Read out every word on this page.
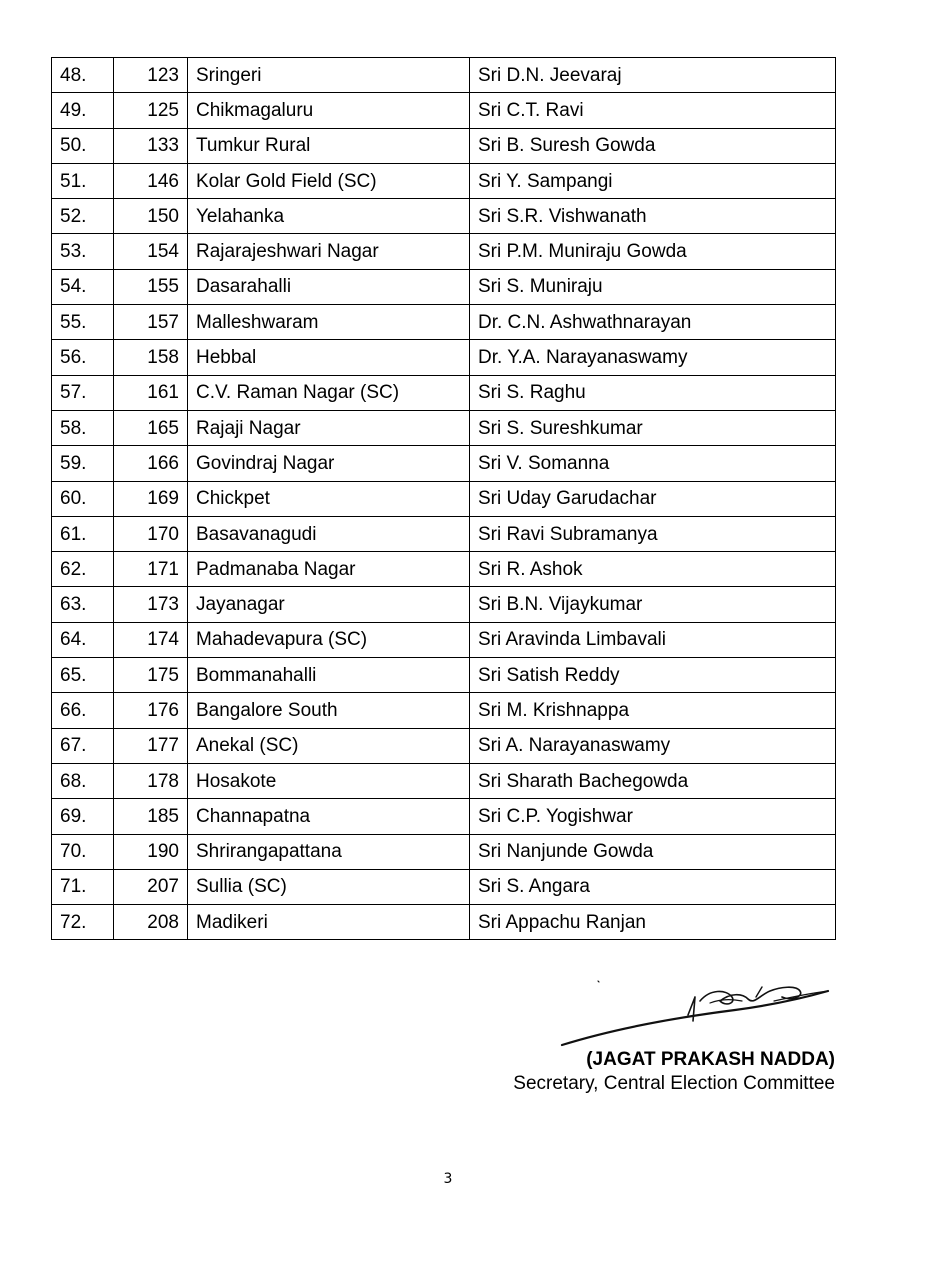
48.	123	Sringeri	Sri D.N. Jeevaraj
49.	125	Chikmagaluru	Sri C.T. Ravi
50.	133	Tumkur Rural	Sri B. Suresh Gowda
51.	146	Kolar Gold Field (SC)	Sri Y. Sampangi
52.	150	Yelahanka	Sri S.R. Vishwanath
53.	154	Rajarajeshwari Nagar	Sri P.M. Muniraju Gowda
54.	155	Dasarahalli	Sri S. Muniraju
55.	157	Malleshwaram	Dr. C.N. Ashwathnarayan
56.	158	Hebbal	Dr. Y.A. Narayanaswamy
57.	161	C.V. Raman Nagar (SC)	Sri S. Raghu
58.	165	Rajaji Nagar	Sri S. Sureshkumar
59.	166	Govindraj Nagar	Sri V. Somanna
60.	169	Chickpet	Sri Uday Garudachar
61.	170	Basavanagudi	Sri Ravi Subramanya
62.	171	Padmanaba Nagar	Sri R. Ashok
63.	173	Jayanagar	Sri B.N. Vijaykumar
64.	174	Mahadevapura (SC)	Sri Aravinda Limbavali
65.	175	Bommanahalli	Sri Satish Reddy
66.	176	Bangalore South	Sri M. Krishnappa
67.	177	Anekal (SC)	Sri A. Narayanaswamy
68.	178	Hosakote	Sri Sharath Bachegowda
69.	185	Channapatna	Sri C.P. Yogishwar
70.	190	Shrirangapattana	Sri Nanjunde Gowda
71.	207	Sullia (SC)	Sri S. Angara
72.	208	Madikeri	Sri Appachu Ranjan
(JAGAT PRAKASH NADDA)
Secretary, Central Election Committee
3
